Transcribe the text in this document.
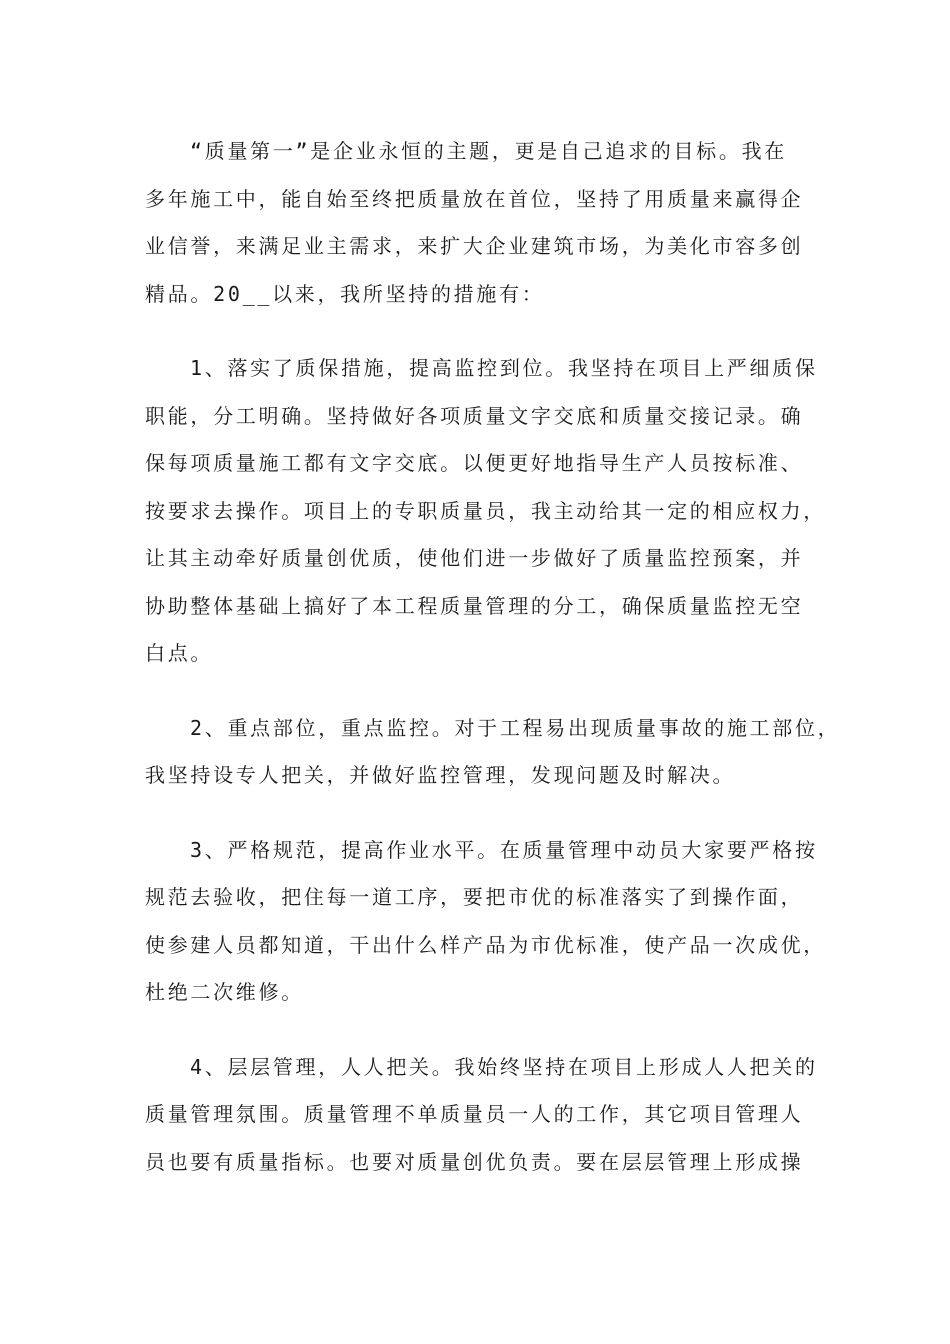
“质量第一”是企业永恒的主题，更是自己追求的目标。我在
多年施工中，能自始至终把质量放在首位，坚持了用质量来赢得企
业信誉，来满足业主需求，来扩大企业建筑市场，为美化市容多创
精品。20__以来，我所坚持的措施有：
1、落实了质保措施，提高监控到位。我坚持在项目上严细质保
职能，分工明确。坚持做好各项质量文字交底和质量交接记录。确
保每项质量施工都有文字交底。以便更好地指导生产人员按标准、
按要求去操作。项目上的专职质量员，我主动给其一定的相应权力，
让其主动牵好质量创优质，使他们进一步做好了质量监控预案，并
协助整体基础上搞好了本工程质量管理的分工，确保质量监控无空
白点。
2、重点部位，重点监控。对于工程易出现质量事故的施工部位，
我坚持设专人把关，并做好监控管理，发现问题及时解决。
3、严格规范，提高作业水平。在质量管理中动员大家要严格按
规范去验收，把住每一道工序，要把市优的标准落实了到操作面，
使参建人员都知道，干出什么样产品为市优标准，使产品一次成优，
杜绝二次维修。
4、层层管理，人人把关。我始终坚持在项目上形成人人把关的
质量管理氛围。质量管理不单质量员一人的工作，其它项目管理人
员也要有质量指标。也要对质量创优负责。要在层层管理上形成操
